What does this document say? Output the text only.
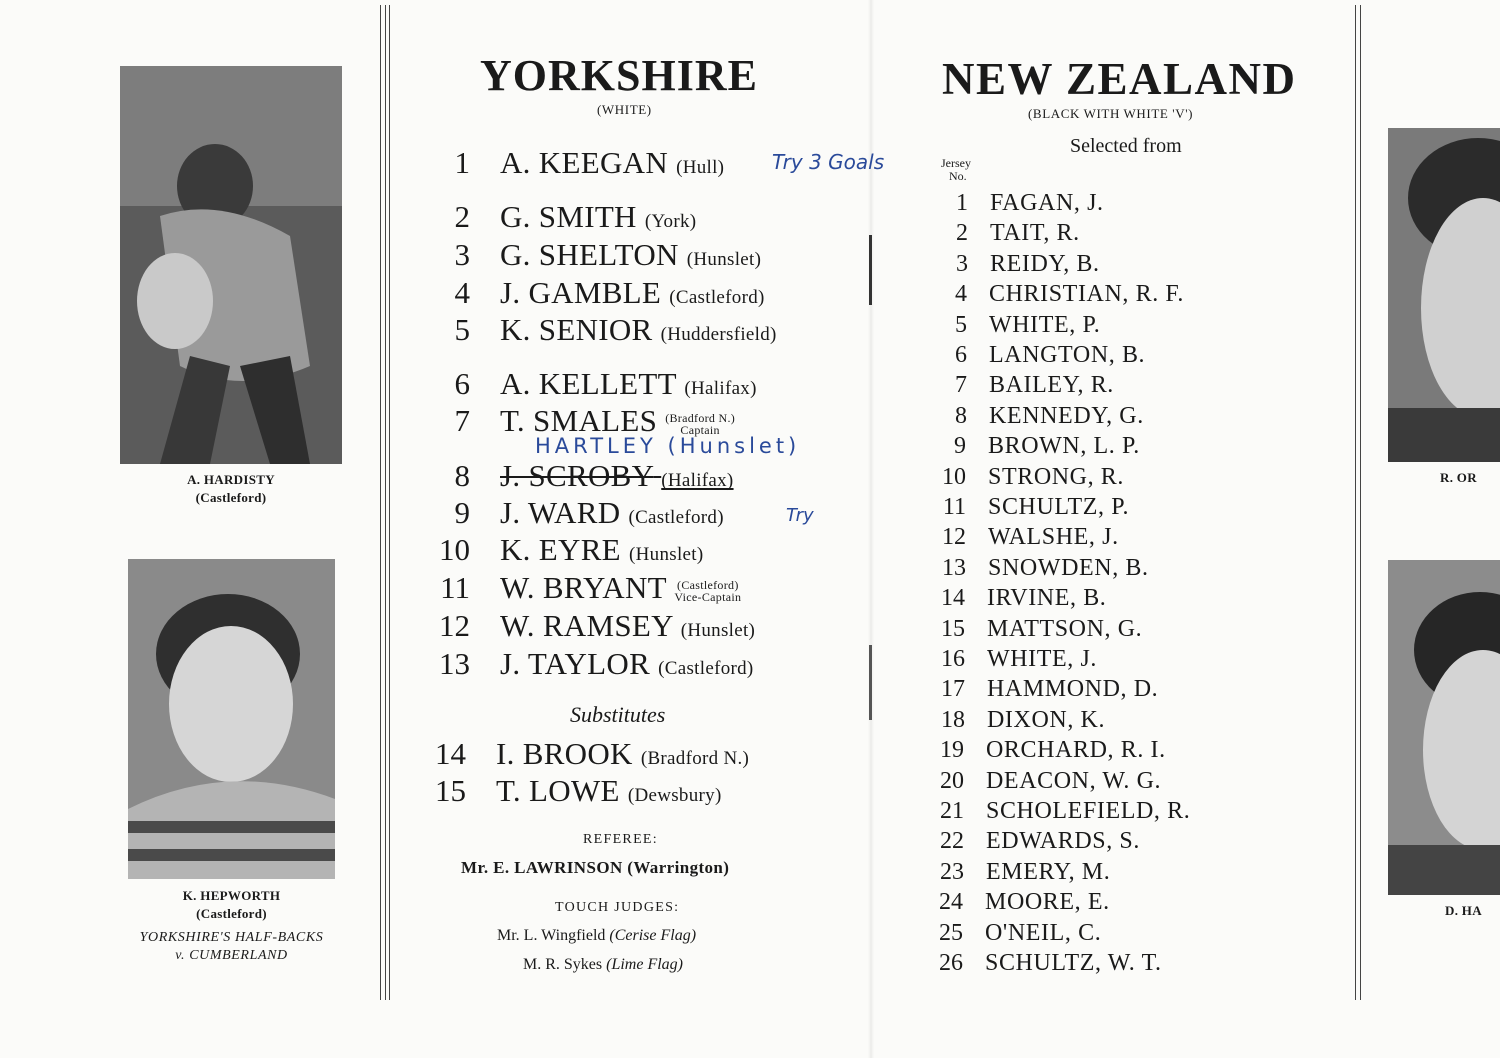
A. HARDISTY
(Castleford)
K. HEPWORTH
(Castleford)
YORKSHIRE'S HALF-BACKS
v. CUMBERLAND
YORKSHIRE
(WHITE)
1 A. KEEGAN (Hull) Try 3 Goals
2 G. SMITH (York)
3 G. SHELTON (Hunslet)
4 J. GAMBLE (Castleford)
5 K. SENIOR (Huddersfield)
6 A. KELLETT (Halifax)
7 T. SMALES (Bradford N.)
Captain
HARTLEY (Hunslet)
8 J. SCROBY (Halifax)
9 J. WARD (Castleford)	Try
10 K. EYRE (Hunslet)
11 W. BRYANT (Castleford)
Vice-Captain
12 W. RAMSEY (Hunslet)
13 J. TAYLOR (Castleford)
Substitutes
14 I. BROOK (Bradford N.)
15 T. LOWE (Dewsbury)
REFEREE:
Mr. E. LAWRINSON (Warrington)
TOUCH JUDGES:
Mr. L. Wingfield (Cerise Flag)
M. R. Sykes (Lime Flag)
NEW ZEALAND
(BLACK WITH WHITE 'V')
Selected from
Jersey
No.
1 FAGAN, J.
2 TAIT, R.
3 REIDY, B.
4 CHRISTIAN, R. F.
5 WHITE, P.
6 LANGTON, B.
7 BAILEY, R.
8 KENNEDY, G.
9 BROWN, L. P.
10 STRONG, R.
11 SCHULTZ, P.
12 WALSHE, J.
13 SNOWDEN, B.
14 IRVINE, B.
15 MATTSON, G.
16 WHITE, J.
17 HAMMOND, D.
18 DIXON, K.
19 ORCHARD, R. I.
20 DEACON, W. G.
21 SCHOLEFIELD, R.
22 EDWARDS, S.
23 EMERY, M.
24 MOORE, E.
25 O'NEIL, C.
26 SCHULTZ, W. T.
R. OR
D. HA
